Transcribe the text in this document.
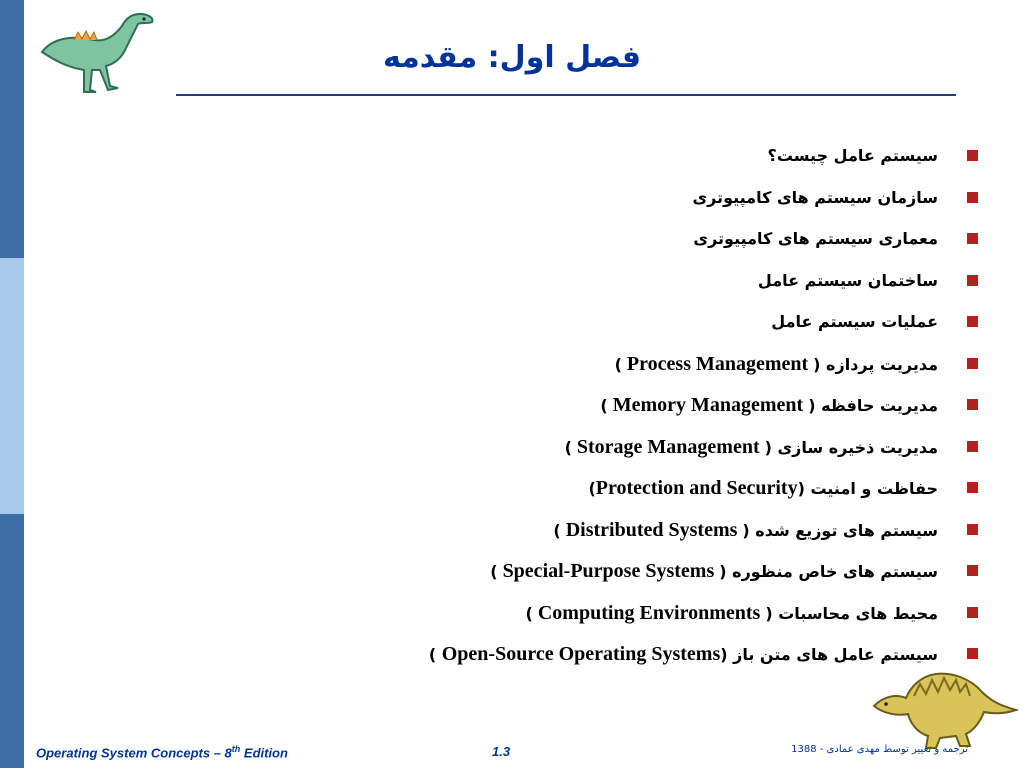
فصل اول: مقدمه
سیستم عامل چیست؟
سازمان سیستم های کامپیوتری
معماری سیستم های کامپیوتری
ساختمان سیستم عامل
عملیات سیستم عامل
مدیریت پردازه ( Process Management )
مدیریت حافظه ( Memory Management )
مدیریت ذخیره سازی ( Storage Management )
حفاظت و امنیت (Protection and Security)
سیستم های توزیع شده ( Distributed Systems )
سیستم های خاص منظوره ( Special-Purpose Systems )
محیط های محاسبات ( Computing Environments )
سیستم عامل های متن باز (Open-Source Operating Systems )
Operating System Concepts – 8th Edition	1.3	ترجمه و تغییر توسط مهدی عمادی - 1388
